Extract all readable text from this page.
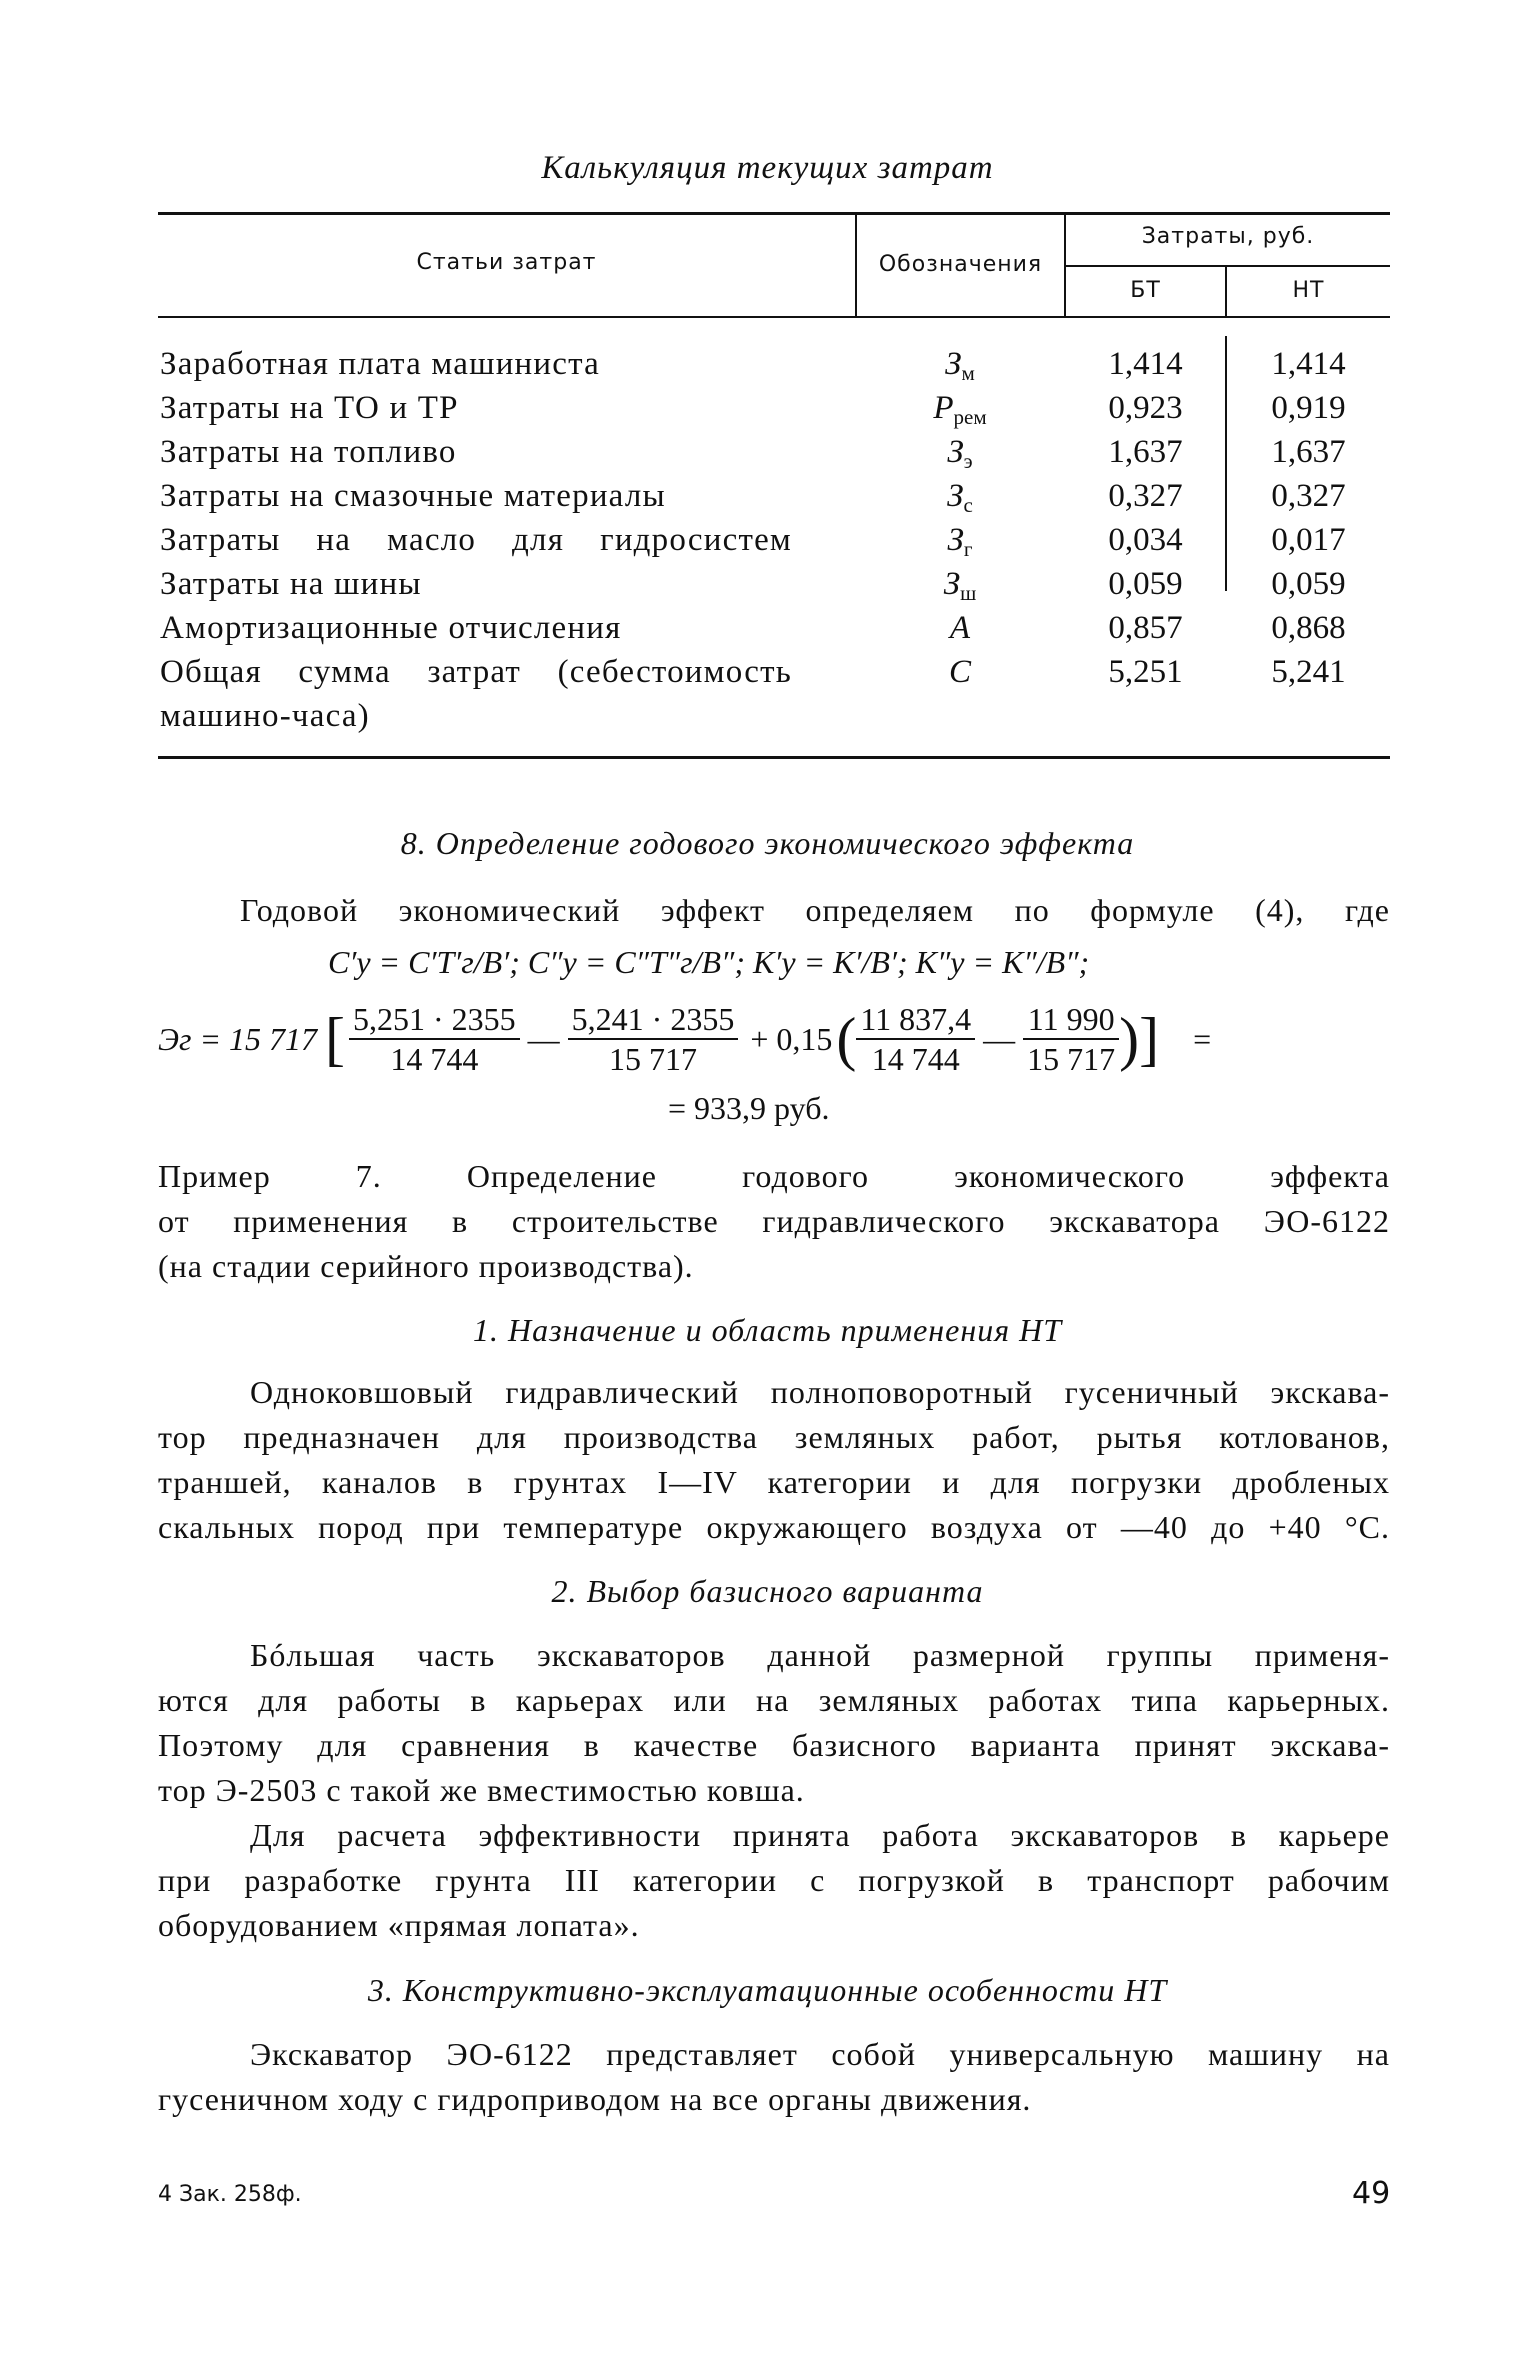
Калькуляция текущих затрат
Статьи затрат	Обозначения
Затраты, руб.
БТ	НТ
Заработная плата машиниста	$З_м$	1,414	1,414
Затраты на ТО и ТР	$P_{рем}$	0,923	0,919
Затраты на топливо	$З_э$	1,637	1,637
Затраты на смазочные материалы	$З_с$	0,327	0,327
Затраты на масло для гидросистем	$З_г$	0,034	0,017
Затраты на шины	$З_ш$	0,059	0,059
Амортизационные отчисления	A	0,857	0,868
Общая сумма затрат (себестоимость	C	5,251	5,241
машино-часа)
8. Определение годового экономического эффекта
Годовой экономический эффект определяем по формуле (4), где
C′у = C′T′г/B′; C″у = C″T″г/B″; K′у = K′/B′; K″у = K″/B″;
Эг = 15 717 [ $\frac{5,251 \cdot 2355}{14 744}$ — $\frac{5,241 \cdot 2355}{15 717} + 0,15$ ( $\frac{11 837,4}{14 744}$ — $\frac{11 990}{15 717}$ ) ] =
= 933,9 руб.
Пример 7. Определение годового экономического эффекта
от применения в строительстве гидравлического экскаватора ЭО-6122
(на стадии серийного производства).
1. Назначение и область применения НТ
Одноковшовый гидравлический полноповоротный гусеничный экскава-
тор предназначен для производства земляных работ, рытья котлованов,
траншей, каналов в грунтах I—IV категории и для погрузки дробленых
скальных пород при температуре окружающего воздуха от —40 до +40 °С.
2. Выбор базисного варианта
Бóльшая часть экскаваторов данной размерной группы применя-
ются для работы в карьерах или на земляных работах типа карьерных.
Поэтому для сравнения в качестве базисного варианта принят экскава-
тор Э-2503 с такой же вместимостью ковша.
Для расчета эффективности принята работа экскаваторов в карьере
при разработке грунта III категории с погрузкой в транспорт рабочим
оборудованием «прямая лопата».
3. Конструктивно-эксплуатационные особенности НТ
Экскаватор ЭО-6122 представляет собой универсальную машину на
гусеничном ходу с гидроприводом на все органы движения.
4 Зак. 258ф.	49
